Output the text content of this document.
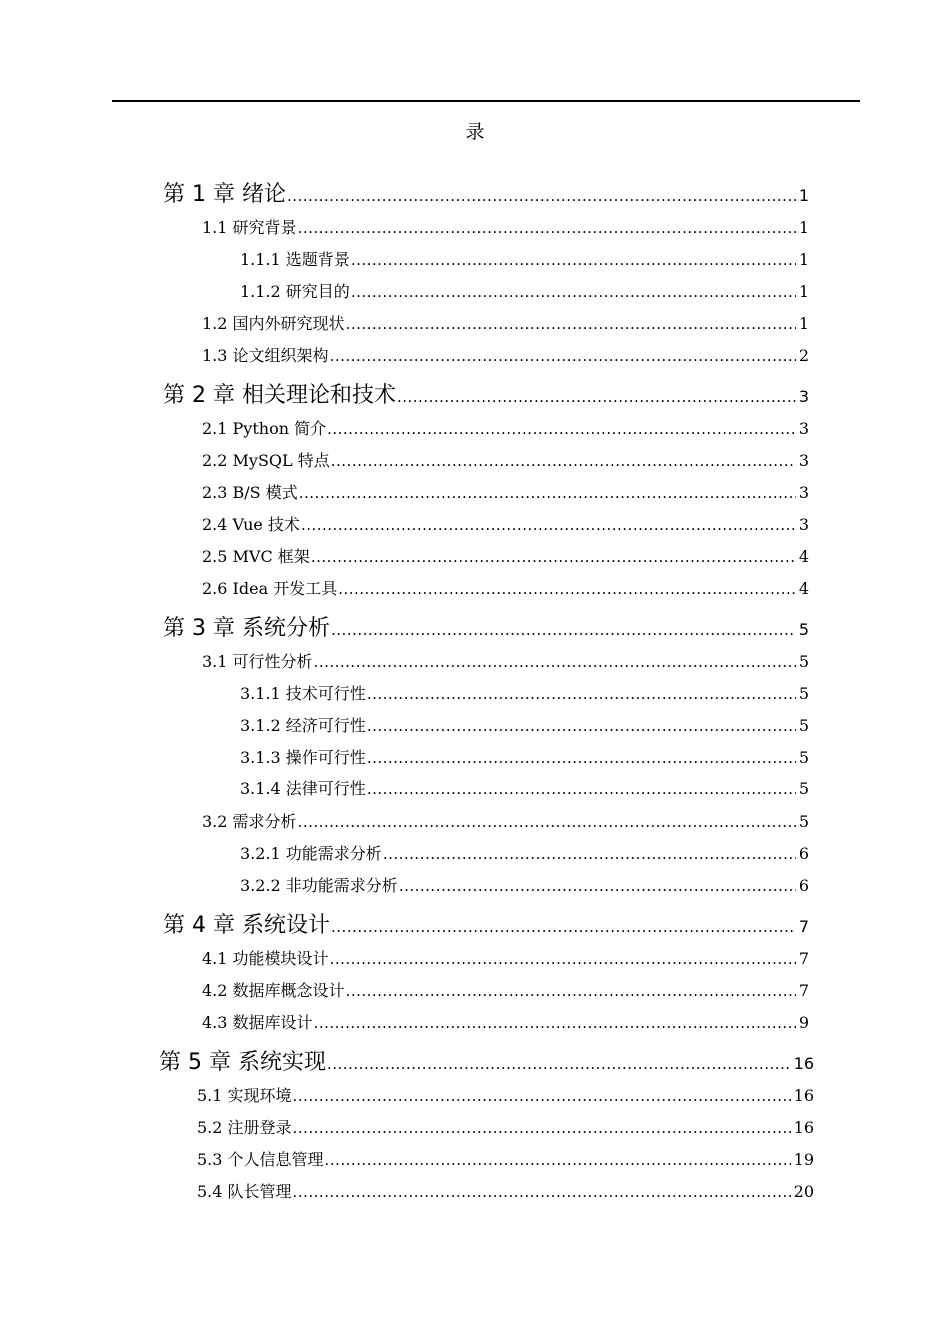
录
第 1 章 绪论 .....	1
1.1 研究背景 .....	1
1.1.1 选题背景 .....	1
1.1.2 研究目的 .....	1
1.2 国内外研究现状 .....	1
1.3 论文组织架构 .....	2
第 2 章 相关理论和技术 .....	3
2.1 Python 简介 .....	3
2.2 MySQL 特点 .....	3
2.3 B/S 模式 .....	3
2.4 Vue 技术 .....	3
2.5 MVC 框架 .....	4
2.6 Idea 开发工具 .....	4
第 3 章 系统分析 .....	5
3.1 可行性分析 .....	5
3.1.1 技术可行性 .....	5
3.1.2 经济可行性 .....	5
3.1.3 操作可行性 .....	5
3.1.4 法律可行性 .....	5
3.2 需求分析 .....	5
3.2.1 功能需求分析 .....	6
3.2.2 非功能需求分析 .....	6
第 4 章 系统设计 .....	7
4.1 功能模块设计 .....	7
4.2 数据库概念设计 .....	7
4.3 数据库设计 .....	9
第 5 章 系统实现 .....	16
5.1 实现环境 .....	16
5.2 注册登录 .....	16
5.3 个人信息管理 .....	19
5.4 队长管理 .....	20
